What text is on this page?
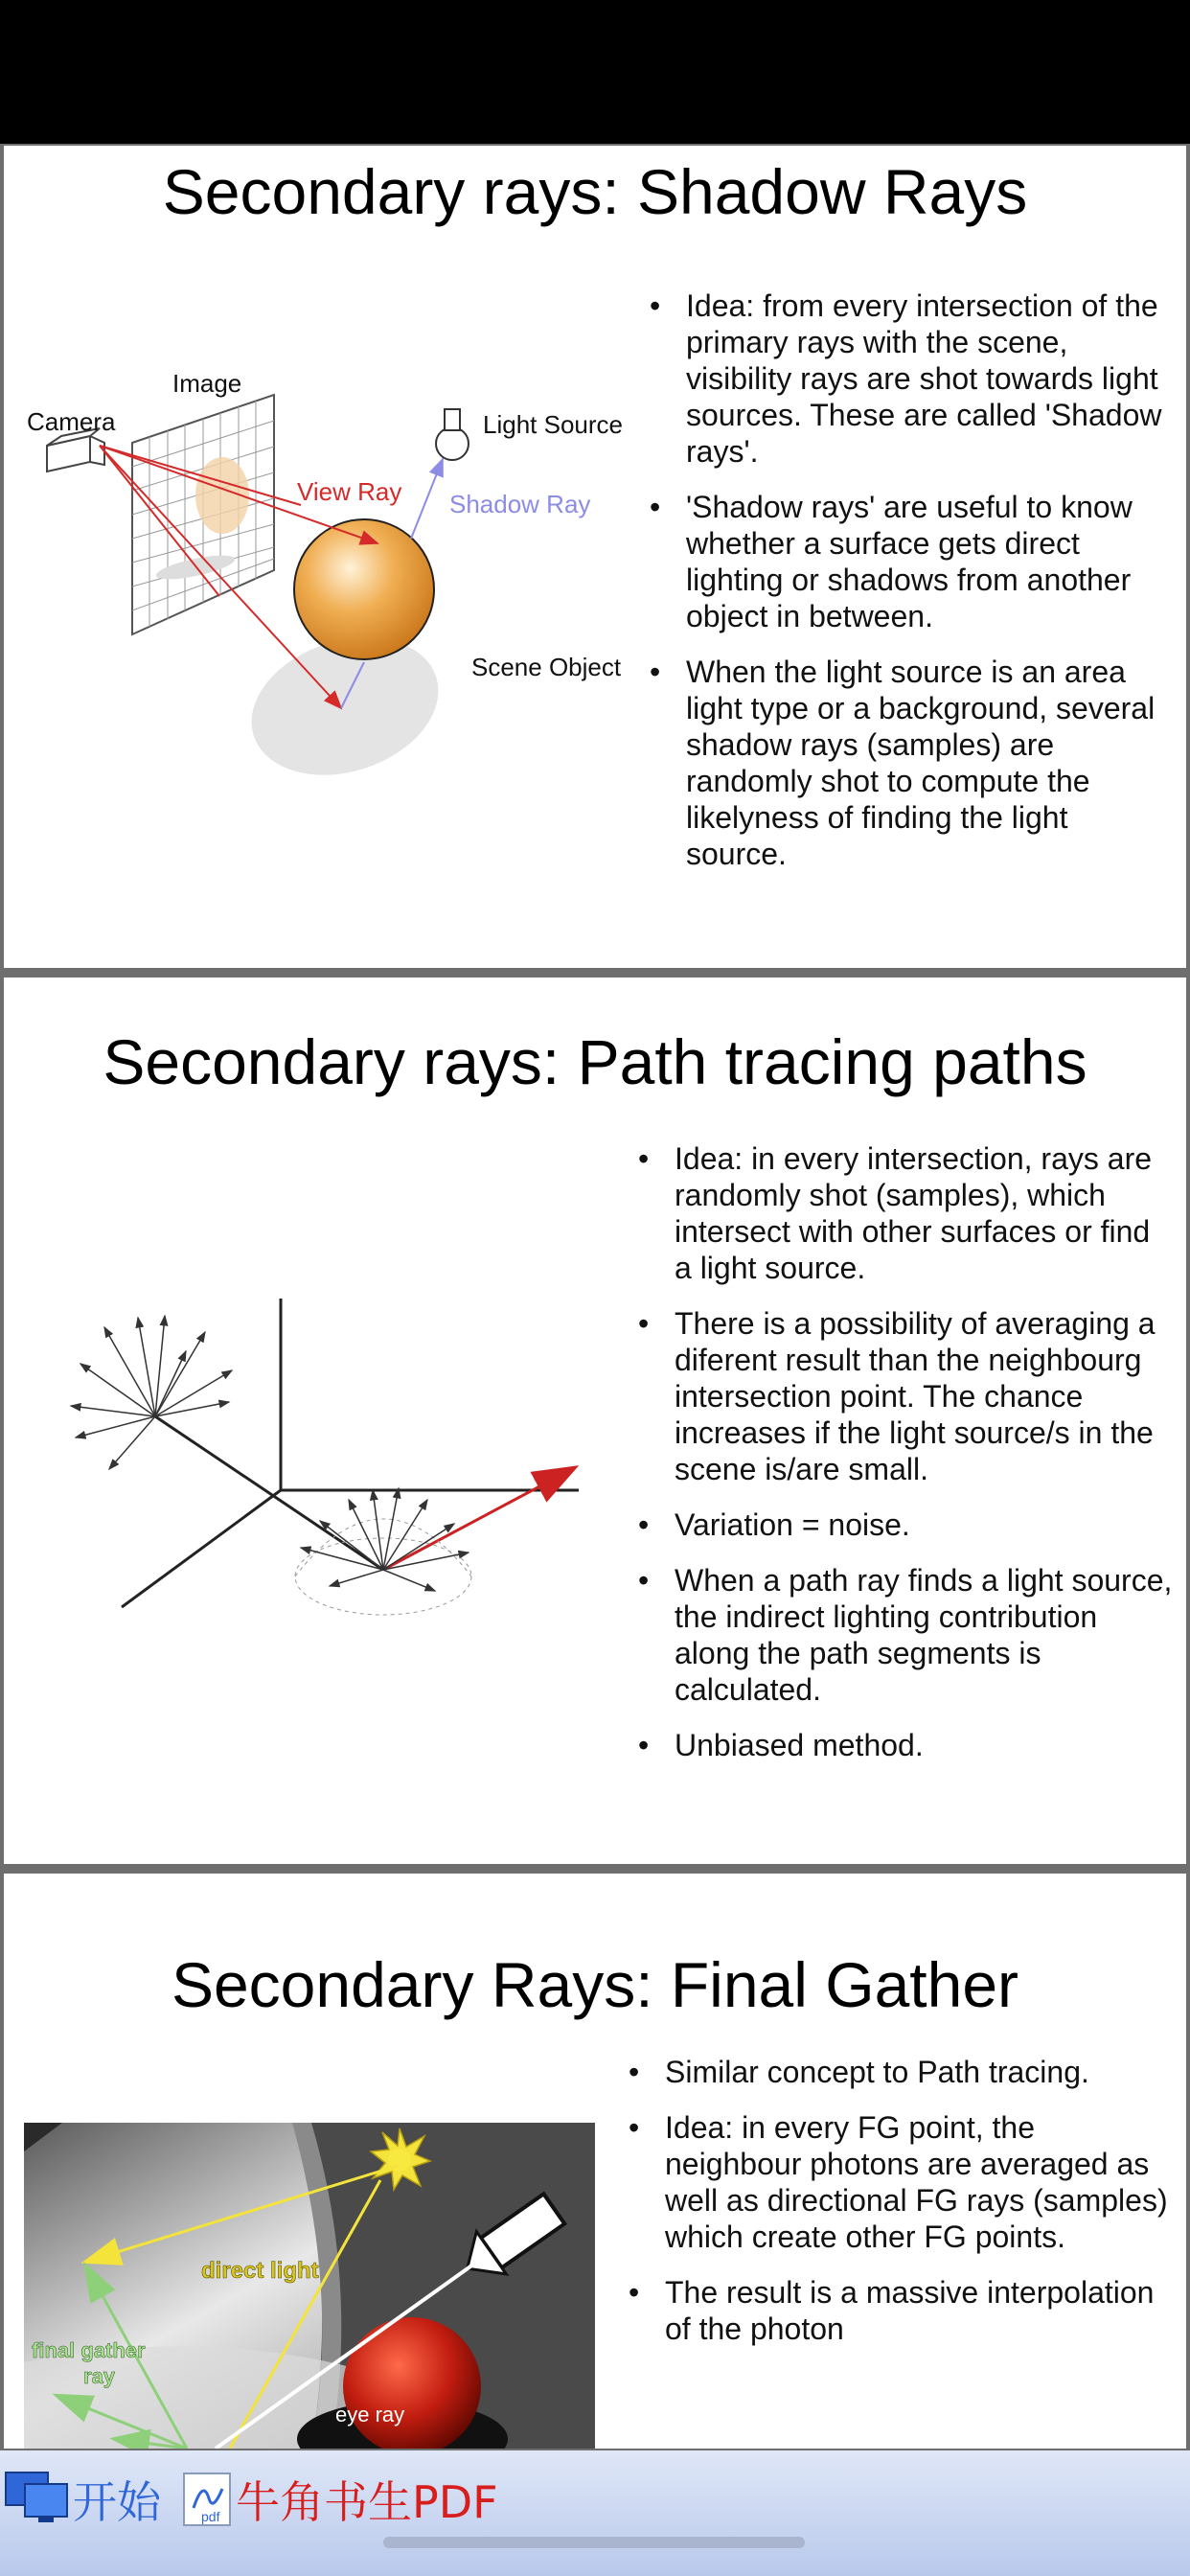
Secondary rays: Shadow Rays
Camera
Image
Light Source
View Ray Shadow Ray
Scene Object
• Idea: from every intersection of the primary rays with the scene, visibility rays are shot towards light sources. These are called 'Shadow rays'.
• 'Shadow rays' are useful to know whether a surface gets direct lighting or shadows from another object in between.
• When the light source is an area light type or a background, several shadow rays (samples) are randomly shot to compute the likelyness of finding the light source.
Secondary rays: Path tracing paths
• Idea: in every intersection, rays are randomly shot (samples), which intersect with other surfaces or find a light source.
• There is a possibility of averaging a diferent result than the neighbourg intersection point. The chance increases if the light source/s in the scene is/are small.
• Variation = noise.
• When a path ray finds a light source, the indirect lighting contribution along the path segments is calculated.
• Unbiased method.
Secondary Rays: Final Gather
direct light
final gather
ray
eye ray
• Similar concept to Path tracing.
• Idea: in every FG point, the neighbour photons are averaged as well as directional FG rays (samples) which create other FG points.
• The result is a massive interpolation of the photon
开始	pdf 牛角书生PDF
